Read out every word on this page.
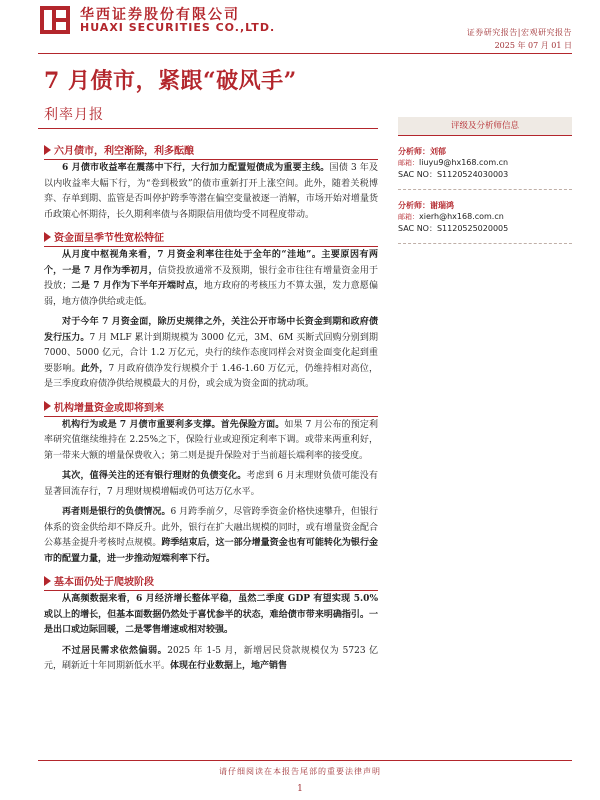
华西证券股份有限公司
HUAXI SECURITIES CO.,LTD.	证券研究报告|宏观研究报告
2025 年 07 月 01 日
7 月债市，紧跟“破风手”
利率月报
六月债市，利空渐除，利多酝酿

6 月债市收益率在震荡中下行，大行加力配置短债成为重要主线。国债 3 年及以内收益率大幅下行，为“卷到极致”的债市重新打开上涨空间。此外，随着关税博弈、存单到期、监管是否叫停护跨季等潜在偏空变量被逐一消解，市场开始对增量货币政策心怀期待，长久期利率债与各期限信用债均受不同程度带动。

资金面呈季节性宽松特征

从月度中枢视角来看，7 月资金利率往往处于全年的“洼地”。主要原因有两个，一是 7 月作为季初月，信贷投放通常不及预期，银行金市往往有增量资金用于投放；二是 7 月作为下半年开端时点，地方政府的考核压力不算太强，发力意愿偏弱，地方债净供给或走低。

对于今年 7 月资金面，除历史规律之外，关注公开市场中长资金到期和政府债发行压力。7 月 MLF 累计到期规模为 3000 亿元，3M、6M 买断式回购分别到期 7000、5000 亿元，合计 1.2 万亿元，央行的续作态度同样会对资金面变化起到重要影响。此外，7 月政府债净发行规模介于 1.46-1.60 万亿元，仍维持相对高位，是三季度政府债净供给规模最大的月份，或会成为资金面的扰动项。

机构增量资金或即将到来

机构行为或是 7 月债市重要利多支撑。首先保险方面。如果 7 月公布的预定利率研究值继续维持在 2.25%之下，保险行业或迎预定利率下调。或带来两重利好，第一带来大额的增量保费收入；第二则是提升保险对于当前超长端利率的接受度。

其次，值得关注的还有银行理财的负债变化。考虑到 6 月末理财负债可能没有显著回流存行，7 月理财规模增幅或仍可达万亿水平。

再者则是银行的负债情况。6 月跨季前夕，尽管跨季资金价格快速攀升，但银行体系的资金供给却不降反升。此外，银行在扩大融出规模的同时，或有增量资金配合公募基金提升考核时点规模。跨季结束后，这一部分增量资金也有可能转化为银行金市的配置力量，进一步推动短端利率下行。

基本面仍处于爬坡阶段

从高频数据来看，6 月经济增长整体平稳，虽然二季度 GDP 有望实现 5.0%或以上的增长，但基本面数据仍然处于喜忧参半的状态，难给债市带来明确指引。一是出口或边际回暖，二是零售增速或相对较强。

不过居民需求依然偏弱。2025 年 1-5 月，新增居民贷款规模仅为 5723 亿元，刷新近十年同期新低水平。体现在行业数据上，地产销售

评级及分析师信息
分析师：刘郁
邮箱：liuyu9@hx168.com.cn
SAC NO：S1120524030003
分析师：谢瑞鸿
邮箱：xierh@hx168.com.cn
SAC NO：S1120525020005
请仔细阅读在本报告尾部的重要法律声明
1
